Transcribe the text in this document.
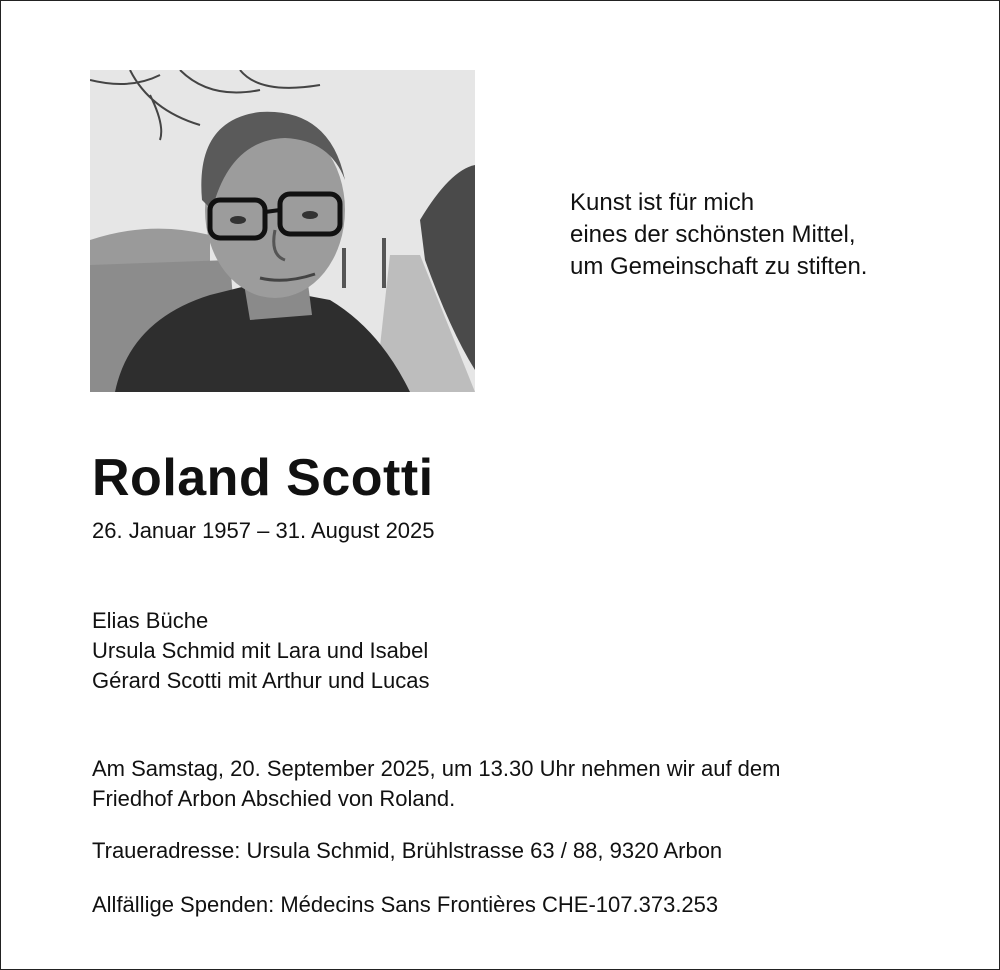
Kunst ist für mich
eines der schönsten Mittel,
um Gemeinschaft zu stiften.
Roland Scotti
26. Januar 1957 – 31. August 2025
Elias Büche
Ursula Schmid mit Lara und Isabel
Gérard Scotti mit Arthur und Lucas
Am Samstag, 20. September 2025, um 13.30 Uhr nehmen wir auf dem
Friedhof Arbon Abschied von Roland.
Traueradresse: Ursula Schmid, Brühlstrasse 63 / 88, 9320 Arbon
Allfällige Spenden: Médecins Sans Frontières CHE-107.373.253
